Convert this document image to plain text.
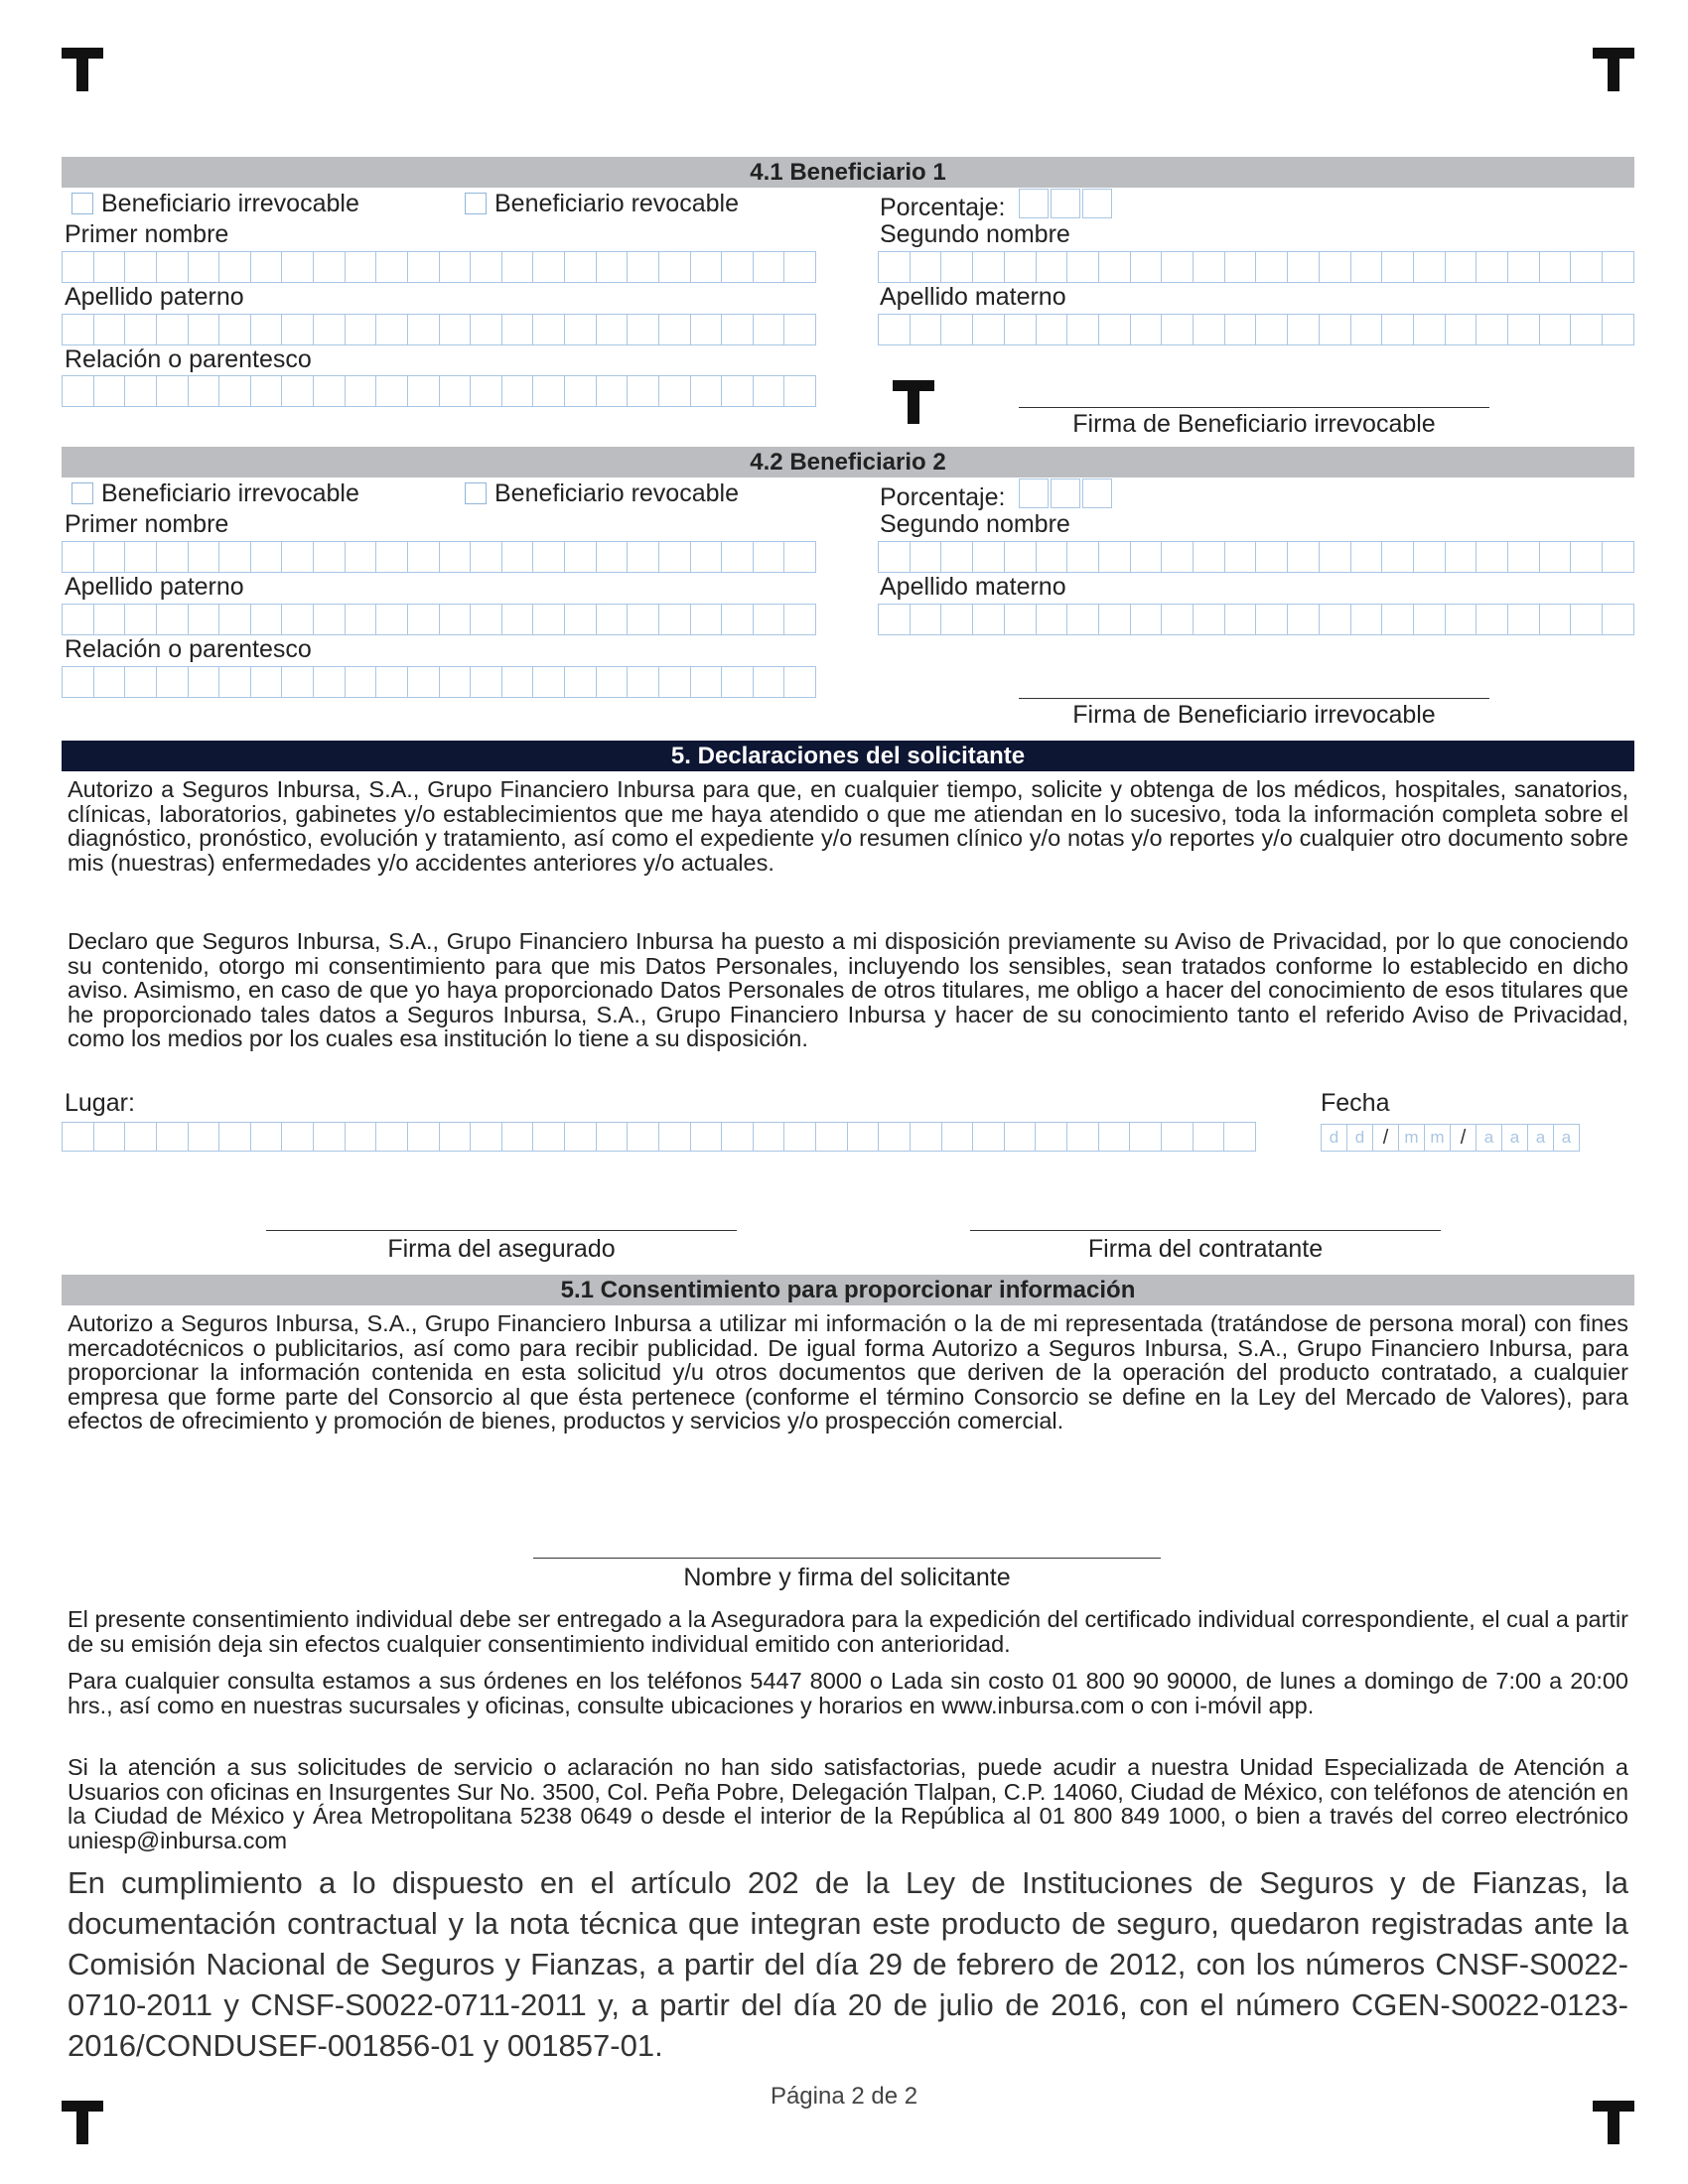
4.1 Beneficiario 1
Beneficiario irrevocable	Beneficiario revocable	Porcentaje:
Primer nombre	Segundo nombre
Apellido paterno	Apellido materno
Relación o parentesco
Firma de Beneficiario irrevocable
4.2 Beneficiario 2
Beneficiario irrevocable	Beneficiario revocable	Porcentaje:
Primer nombre	Segundo nombre
Apellido paterno	Apellido materno
Relación o parentesco
Firma de Beneficiario irrevocable
5. Declaraciones del solicitante

Autorizo a Seguros Inbursa, S.A., Grupo Financiero Inbursa para que, en cualquier tiempo, solicite y obtenga de los médicos, hospitales, sanatorios, clínicas, laboratorios, gabinetes y/o establecimientos que me haya atendido o que me atiendan en lo sucesivo, toda la información completa sobre el diagnóstico, pronóstico, evolución y tratamiento, así como el expediente y/o resumen clínico y/o notas y/o reportes y/o cualquier otro documento sobre mis (nuestras) enfermedades y/o accidentes anteriores y/o actuales.

Declaro que Seguros Inbursa, S.A., Grupo Financiero Inbursa ha puesto a mi disposición previamente su Aviso de Privacidad, por lo que conociendo su contenido, otorgo mi consentimiento para que mis Datos Personales, incluyendo los sensibles, sean tratados conforme lo establecido en dicho aviso. Asimismo, en caso de que yo haya proporcionado Datos Personales de otros titulares, me obligo a hacer del conocimiento de esos titulares que he proporcionado tales datos a Seguros Inbursa, S.A., Grupo Financiero Inbursa y hacer de su conocimiento tanto el referido Aviso de Privacidad, como los medios por los cuales esa institución lo tiene a su disposición.

Lugar:	Fecha
d d / m m /	a a a a
Firma del asegurado	Firma del contratante
5.1 Consentimiento para proporcionar información

Autorizo a Seguros Inbursa, S.A., Grupo Financiero Inbursa a utilizar mi información o la de mi representada (tratándose de persona moral) con fines mercadotécnicos o publicitarios, así como para recibir publicidad. De igual forma Autorizo a Seguros Inbursa, S.A., Grupo Financiero Inbursa, para proporcionar la información contenida en esta solicitud y/u otros documentos que deriven de la operación del producto contratado, a cualquier empresa que forme parte del Consorcio al que ésta pertenece (conforme el término Consorcio se define en la Ley del Mercado de Valores), para efectos de ofrecimiento y promoción de bienes, productos y servicios y/o prospección comercial.

Nombre y firma del solicitante

El presente consentimiento individual debe ser entregado a la Aseguradora para la expedición del certificado individual correspondiente, el cual a partir de su emisión deja sin efectos cualquier consentimiento individual emitido con anterioridad.

Para cualquier consulta estamos a sus órdenes en los teléfonos 5447 8000 o Lada sin costo 01 800 90 90000, de lunes a domingo de 7:00 a 20:00 hrs., así como en nuestras sucursales y oficinas, consulte ubicaciones y horarios en www.inbursa.com o con i-móvil app.

Si la atención a sus solicitudes de servicio o aclaración no han sido satisfactorias, puede acudir a nuestra Unidad Especializada de Atención a Usuarios con oficinas en Insurgentes Sur No. 3500, Col. Peña Pobre, Delegación Tlalpan, C.P. 14060, Ciudad de México, con teléfonos de atención en la Ciudad de México y Área Metropolitana 5238 0649 o desde el interior de la República al 01 800 849 1000, o bien a través del correo electrónico uniesp@inbursa.com

En cumplimiento a lo dispuesto en el artículo 202 de la Ley de Instituciones de Seguros y de Fianzas, la documentación contractual y la nota técnica que integran este producto de seguro, quedaron registradas ante la Comisión Nacional de Seguros y Fianzas, a partir del día 29 de febrero de 2012, con los números CNSF-S0022-0710-2011 y CNSF-S0022-0711-2011 y, a partir del día 20 de julio de 2016, con el número CGEN-S0022-0123-2016/CONDUSEF-001856-01 y 001857-01.

Página 2 de 2
